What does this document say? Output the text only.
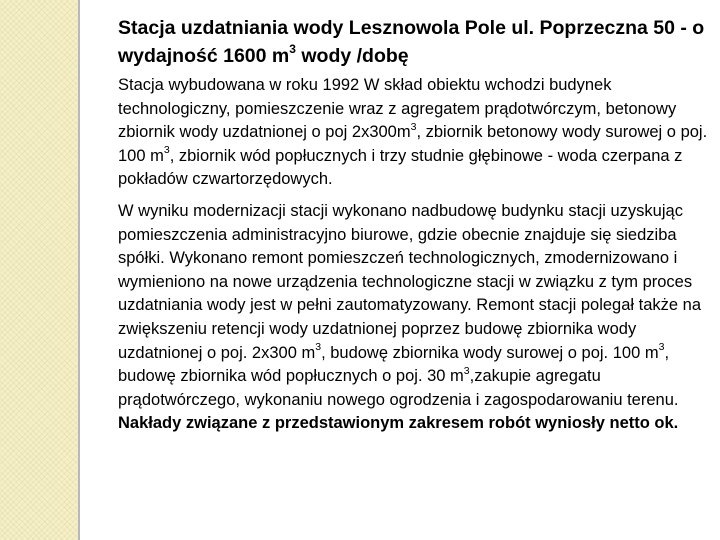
Stacja uzdatniania wody Lesznowola Pole ul. Poprzeczna 50 - o wydajność 1600 $m^3$ wody /dobę

Stacja wybudowana w roku 1992 W skład obiektu wchodzi budynek technologiczny, pomieszczenie wraz z agregatem prądotwórczym, betonowy zbiornik wody uzdatnionej o poj $2x300m^3$, zbiornik betonowy wody surowej o poj. 100 $m^3$, zbiornik wód popłucznych i trzy studnie głębinowe - woda czerpana z pokładów czwartorzędowych.

W wyniku modernizacji stacji wykonano nadbudowę budynku stacji uzyskując pomieszczenia administracyjno biurowe, gdzie obecnie znajduje się siedziba spółki. Wykonano remont pomieszczeń technologicznych, zmodernizowano i wymieniono na nowe urządzenia technologiczne stacji w związku z tym proces uzdatniania wody jest w pełni zautomatyzowany. Remont stacji polegał także na zwiększeniu retencji wody uzdatnionej poprzez budowę zbiornika wody uzdatnionej o poj. 2x300 $m^3$, budowę zbiornika wody surowej o poj. 100 $m^3$, budowę zbiornika wód popłucznych o poj. 30 $m^3,zakupie$ agregatu prądotwórczego, wykonaniu nowego ogrodzenia i zagospodarowaniu terenu. Nakłady związane z przedstawionym zakresem robót wyniosły netto ok.
